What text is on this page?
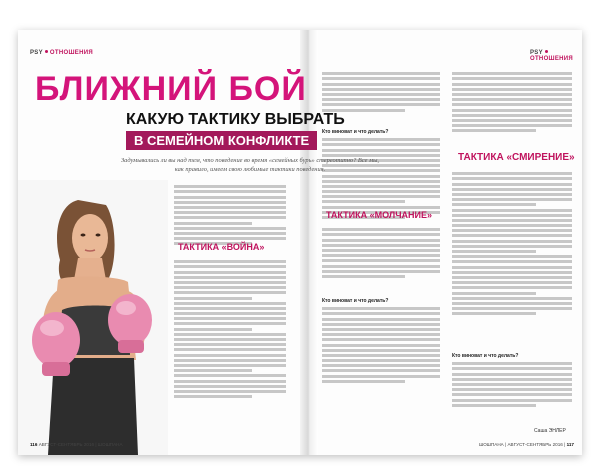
PSY ОТНОШЕНИЯ
ТАКТИКА «ВОЙНА»
116 АВГУСТ-СЕНТЯБРЬ 2016 | ШОШПАНА
PSYОТНОШЕНИЯ
Кто виноват и что делать?
ТАКТИКА «МОЛЧАНИЕ»
Кто виноват и что делать?
ТАКТИКА «СМИРЕНИЕ»
Кто виноват и что делать?
Саша ЭНЛЕР
ШОШПАНА | АВГУСТ-СЕНТЯБРЬ 2016 | 117
БЛИЖНИЙ БОЙ
КАКУЮ ТАКТИКУ ВЫБРАТЬ
В СЕМЕЙНОМ КОНФЛИКТЕ
Задумывались ли вы над тем, что поведение во время «семейных бурь» стереотипно? Все мы, как правило, имеем свою любимые тактики поведения.
